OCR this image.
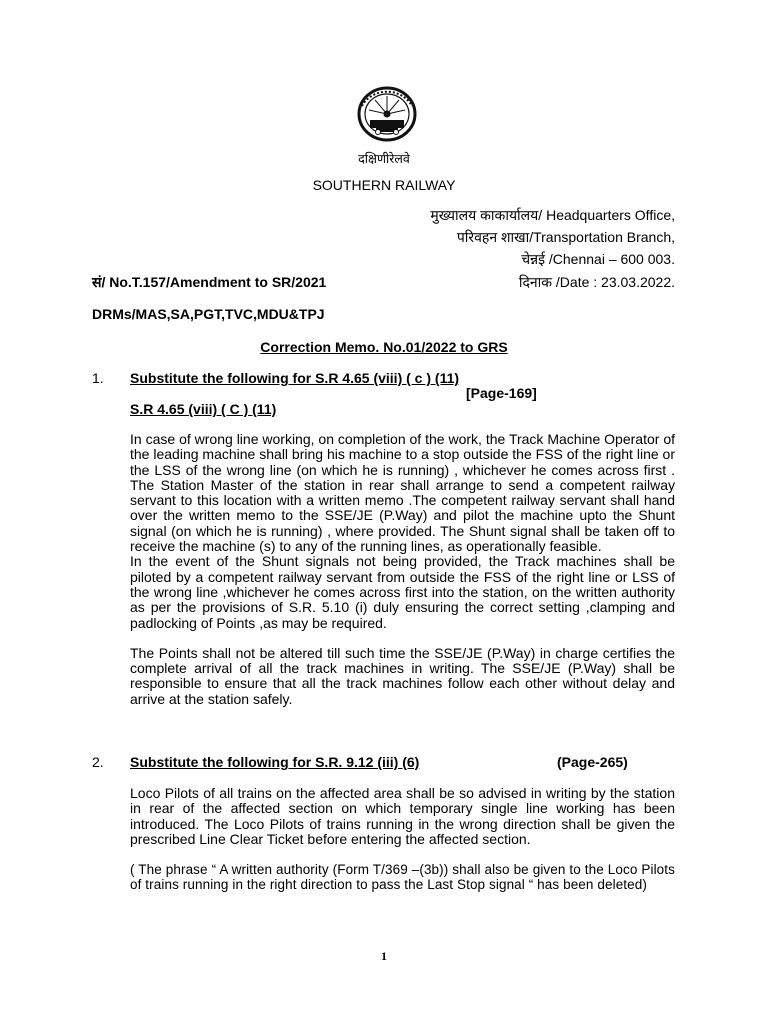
दक्षिणीरेलवे
SOUTHERN RAILWAY
मुख्यालय काकार्यालय/ Headquarters Office,
परिवहन शाखा/Transportation Branch,
चेन्नई /Chennai – 600 003.
सं/ No.T.157/Amendment to SR/2021	दिनाक /Date : 23.03.2022.
DRMs/MAS,SA,PGT,TVC,MDU&TPJ
Correction Memo. No.01/2022 to GRS
1. Substitute the following for S.R 4.65 (viii) ( c ) (11)
[Page-169]
S.R 4.65 (viii) ( C ) (11)

In case of wrong line working, on completion of the work, the Track Machine Operator of the leading machine shall bring his machine to a stop outside the FSS of the right line or the LSS of the wrong line (on which he is running) , whichever he comes across first . The Station Master of the station in rear shall arrange to send a competent railway servant to this location with a written memo .The competent railway servant shall hand over the written memo to the SSE/JE (P.Way) and pilot the machine upto the Shunt signal (on which he is running) , where provided. The Shunt signal shall be taken off to receive the machine (s) to any of the running lines, as operationally feasible.

In the event of the Shunt signals not being provided, the Track machines shall be piloted by a competent railway servant from outside the FSS of the right line or LSS of the wrong line ,whichever he comes across first into the station, on the written authority as per the provisions of S.R. 5.10 (i) duly ensuring the correct setting ,clamping and padlocking of Points ,as may be required.

The Points shall not be altered till such time the SSE/JE (P.Way) in charge certifies the complete arrival of all the track machines in writing. The SSE/JE (P.Way) shall be responsible to ensure that all the track machines follow each other without delay and arrive at the station safely.

2. Substitute the following for S.R. 9.12 (iii) (6)	(Page-265)

Loco Pilots of all trains on the affected area shall be so advised in writing by the station in rear of the affected section on which temporary single line working has been introduced. The Loco Pilots of trains running in the wrong direction shall be given the prescribed Line Clear Ticket before entering the affected section.

( The phrase “ A written authority (Form T/369 –(3b)) shall also be given to the Loco Pilots of trains running in the right direction to pass the Last Stop signal “ has been deleted)

1
